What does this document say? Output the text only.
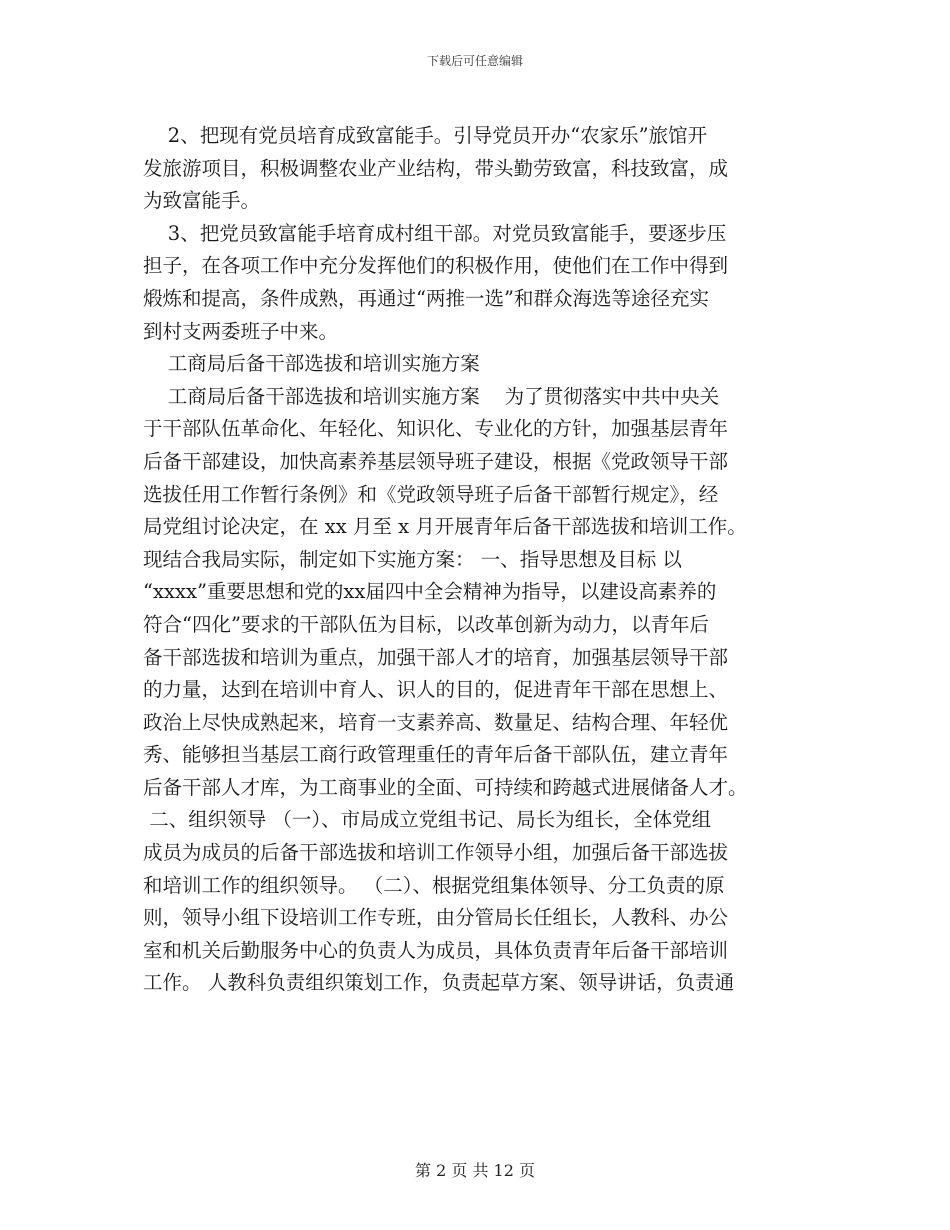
下载后可任意编辑
2、把现有党员培育成致富能手。引导党员开办“农家乐”旅馆开
发旅游项目，积极调整农业产业结构，带头勤劳致富，科技致富，成
为致富能手。
3、把党员致富能手培育成村组干部。对党员致富能手，要逐步压
担子，在各项工作中充分发挥他们的积极作用，使他们在工作中得到
煅炼和提高，条件成熟，再通过“两推一选”和群众海选等途径充实
到村支两委班子中来。
工商局后备干部选拔和培训实施方案
工商局后备干部选拔和培训实施方案    为了贯彻落实中共中央关
于干部队伍革命化、年轻化、知识化、专业化的方针，加强基层青年
后备干部建设，加快高素养基层领导班子建设，根据《党政领导干部
选拔任用工作暂行条例》和《党政领导班子后备干部暂行规定》，经
局党组讨论决定，在 xx 月至 x 月开展青年后备干部选拔和培训工作。
现结合我局实际，制定如下实施方案： 一、指导思想及目标 以
“xxxx”重要思想和党的xx届四中全会精神为指导，以建设高素养的
符合“四化”要求的干部队伍为目标，以改革创新为动力，以青年后
备干部选拔和培训为重点，加强干部人才的培育，加强基层领导干部
的力量，达到在培训中育人、识人的目的，促进青年干部在思想上、
政治上尽快成熟起来，培育一支素养高、数量足、结构合理、年轻优
秀、能够担当基层工商行政管理重任的青年后备干部队伍，建立青年
后备干部人才库，为工商事业的全面、可持续和跨越式进展储备人才。
二、组织领导 （一）、市局成立党组书记、局长为组长，全体党组
成员为成员的后备干部选拔和培训工作领导小组，加强后备干部选拔
和培训工作的组织领导。 （二）、根据党组集体领导、分工负责的原
则，领导小组下设培训工作专班，由分管局长任组长，人教科、办公
室和机关后勤服务中心的负责人为成员，具体负责青年后备干部培训
工作。 人教科负责组织策划工作，负责起草方案、领导讲话，负责通
第 2 页 共 12 页
